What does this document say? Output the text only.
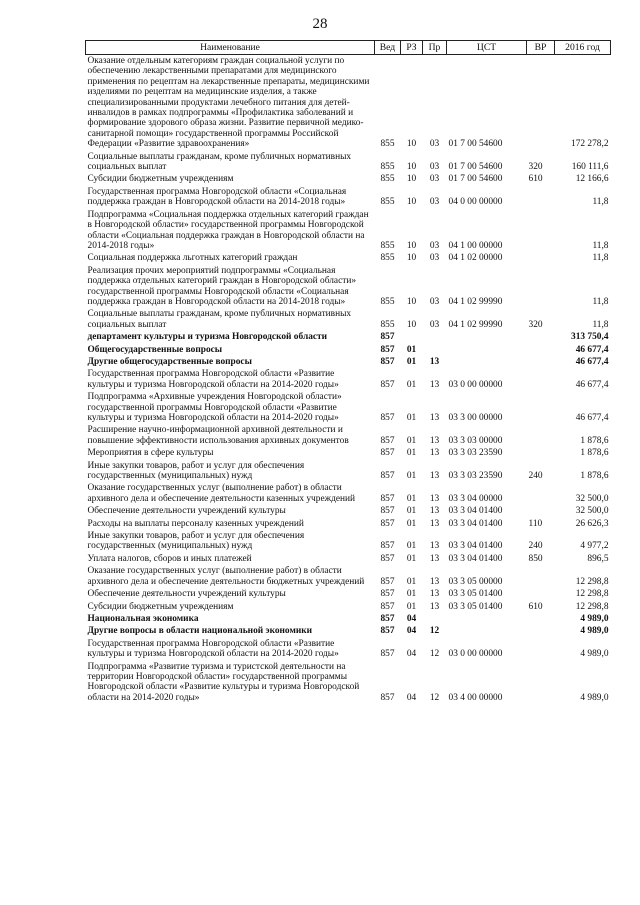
28
Наименование	Вед	РЗ	Пр	ЦСТ	ВР	2016 год
Оказание отдельным категориям граждан социальной услуги по обеспечению лекарственными препаратами для медицинского применения по рецептам на лекарственные препараты, медицинскими изделиями по рецептам на медицинские изделия, а также специализированными продуктами лечебного питания для детей-инвалидов в рамках подпрограммы «Профилактика заболеваний и формирование здорового образа жизни. Развитие первичной медико-санитарной помощи» государственной программы Российской Федерации «Развитие здравоохранения»	855	10	03	01 7 00 54600		172 278,2
Социальные выплаты гражданам, кроме публичных нормативных социальных выплат	855	10	03	01 7 00 54600	320	160 111,6
Субсидии бюджетным учреждениям	855	10	03	01 7 00 54600	610	12 166,6
Государственная программа Новгородской области «Социальная поддержка граждан в Новгородской области на 2014-2018 годы»	855	10	03	04 0 00 00000		11,8
Подпрограмма «Социальная поддержка отдельных категорий граждан в Новгородской области» государственной программы Новгородской области «Социальная поддержка граждан в Новгородской области на 2014-2018 годы»	855	10	03	04 1 00 00000		11,8
Социальная поддержка льготных категорий граждан	855	10	03	04 1 02 00000		11,8
Реализация прочих мероприятий подпрограммы «Социальная поддержка отдельных категорий граждан в Новгородской области» государственной программы Новгородской области «Социальная поддержка граждан в Новгородской области на 2014-2018 годы»	855	10	03	04 1 02 99990		11,8
Социальные выплаты гражданам, кроме публичных нормативных социальных выплат	855	10	03	04 1 02 99990	320	11,8
департамент культуры и туризма Новгородской области	857					313 750,4
Общегосударственные вопросы	857	01				46 677,4
Другие общегосударственные вопросы	857	01	13			46 677,4
Государственная программа Новгородской области «Развитие культуры и туризма Новгородской области на 2014-2020 годы»	857	01	13	03 0 00 00000		46 677,4
Подпрограмма «Архивные учреждения Новгородской области» государственной программы Новгородской области «Развитие культуры и туризма Новгородской области на 2014-2020 годы»	857	01	13	03 3 00 00000		46 677,4
Расширение научно-информационной архивной деятельности и повышение эффективности использования архивных документов	857	01	13	03 3 03 00000		1 878,6
Мероприятия в сфере культуры	857	01	13	03 3 03 23590		1 878,6
Иные закупки товаров, работ и услуг для обеспечения государственных (муниципальных) нужд	857	01	13	03 3 03 23590	240	1 878,6
Оказание государственных услуг (выполнение работ) в области архивного дела и обеспечение деятельности казенных учреждений	857	01	13	03 3 04 00000		32 500,0
Обеспечение деятельности учреждений культуры	857	01	13	03 3 04 01400		32 500,0
Расходы на выплаты персоналу казенных учреждений	857	01	13	03 3 04 01400	110	26 626,3
Иные закупки товаров, работ и услуг для обеспечения государственных (муниципальных) нужд	857	01	13	03 3 04 01400	240	4 977,2
Уплата налогов, сборов и иных платежей	857	01	13	03 3 04 01400	850	896,5
Оказание государственных услуг (выполнение работ) в области архивного дела и обеспечение деятельности бюджетных учреждений	857	01	13	03 3 05 00000		12 298,8
Обеспечение деятельности учреждений культуры	857	01	13	03 3 05 01400		12 298,8
Субсидии бюджетным учреждениям	857	01	13	03 3 05 01400	610	12 298,8
Национальная экономика	857	04				4 989,0
Другие вопросы в области национальной экономики	857	04	12			4 989,0
Государственная программа Новгородской области «Развитие культуры и туризма Новгородской области на 2014-2020 годы»	857	04	12	03 0 00 00000		4 989,0
Подпрограмма «Развитие туризма и туристской деятельности на территории Новгородской области» государственной программы Новгородской области «Развитие культуры и туризма Новгородской области на 2014-2020 годы»	857	04	12	03 4 00 00000		4 989,0
